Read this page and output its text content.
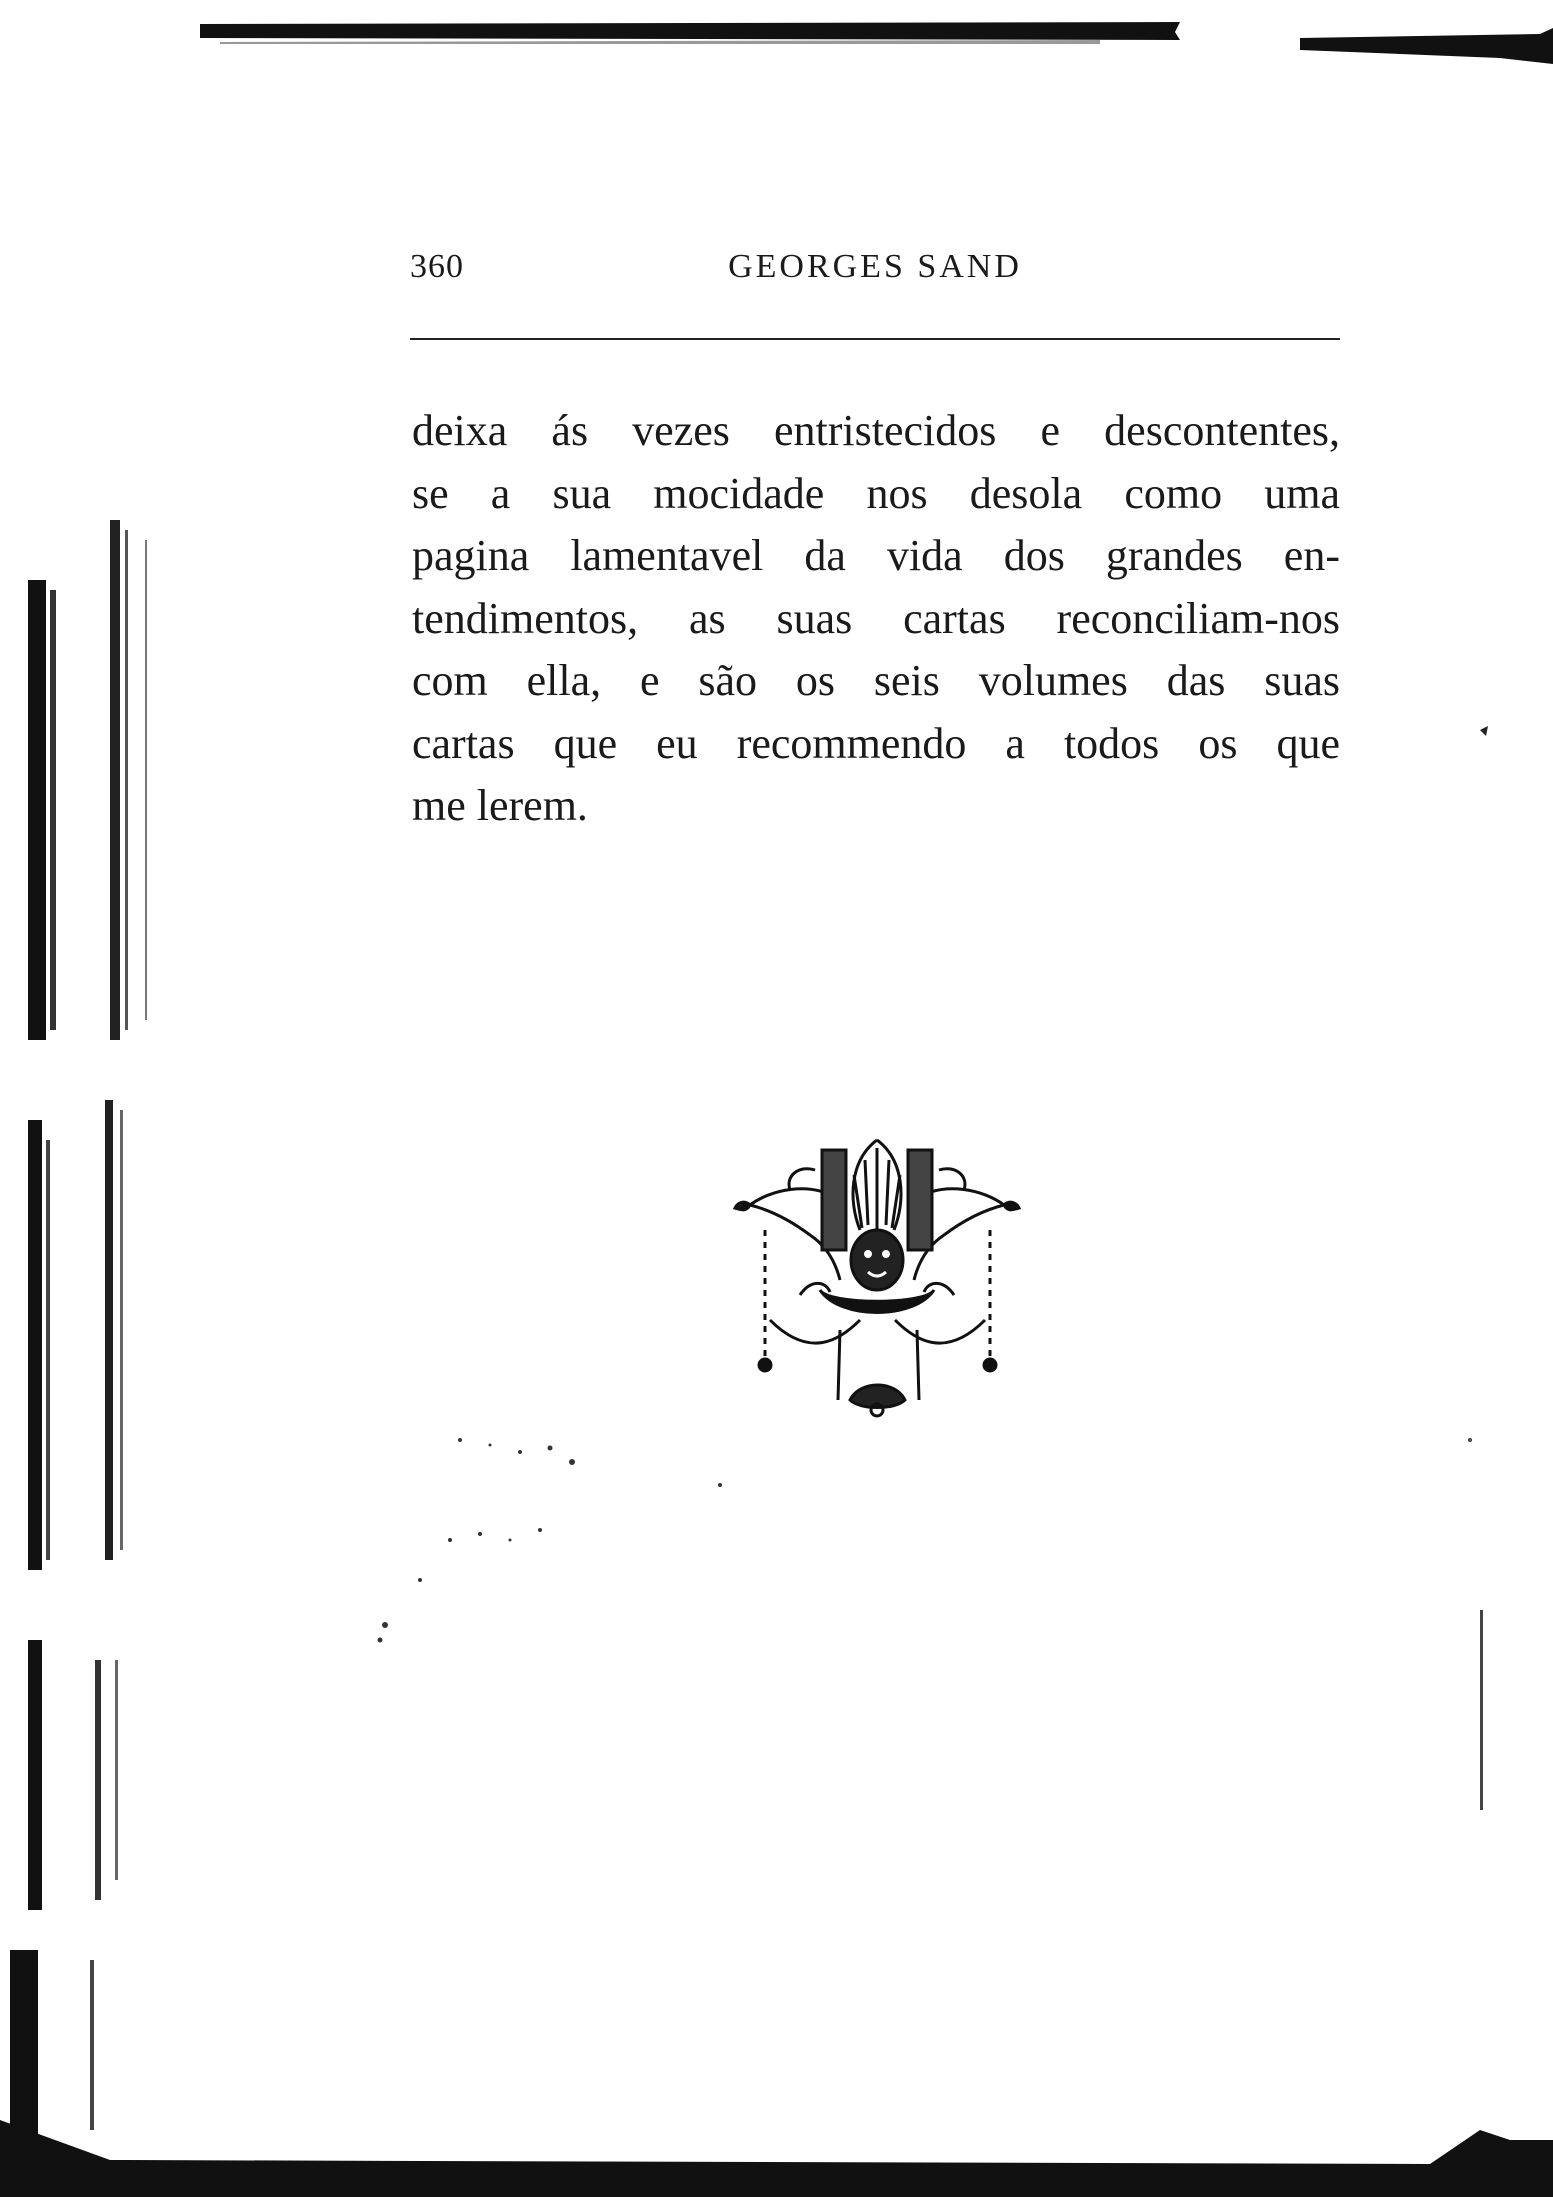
360	GEORGES SAND

deixa ás vezes entristecidos e descontentes,
se a sua mocidade nos desola como uma
pagina lamentavel da vida dos grandes en-
tendimentos, as suas cartas reconciliam-nos
com ella, e são os seis volumes das suas
cartas que eu recommendo a todos os que
me lerem.
